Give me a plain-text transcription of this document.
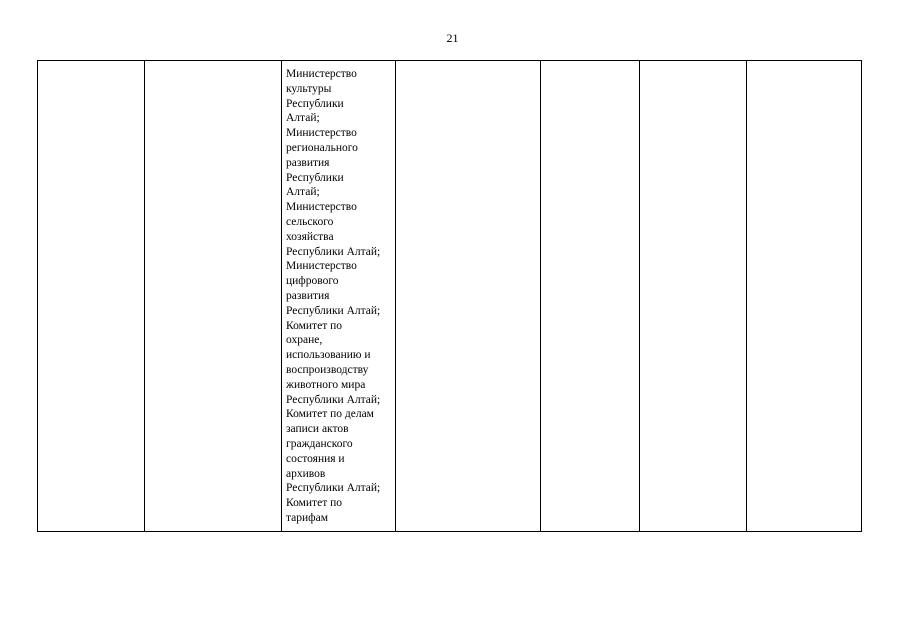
21

Министерство
культуры
Республики
Алтай;
Министерство
регионального
развития
Республики
Алтай;
Министерство
сельского
хозяйства
Республики Алтай;
Министерство
цифрового
развития
Республики Алтай;
Комитет по
охране,
использованию и
воспроизводству
животного мира
Республики Алтай;
Комитет по делам
записи актов
гражданского
состояния и
архивов
Республики Алтай;
Комитет по
тарифам
